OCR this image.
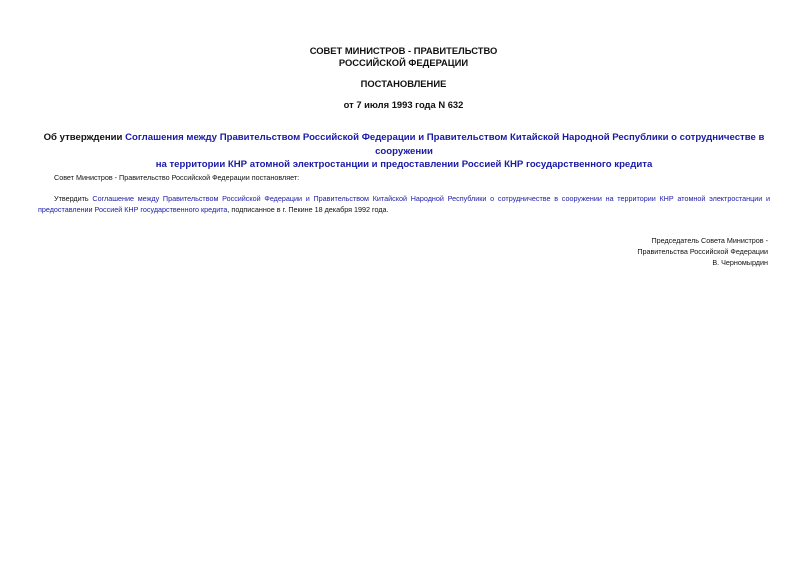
СОВЕТ МИНИСТРОВ - ПРАВИТЕЛЬСТВО
РОССИЙСКОЙ ФЕДЕРАЦИИ
ПОСТАНОВЛЕНИЕ
от 7 июля 1993 года N 632
Об утверждении Соглашения между Правительством Российской Федерации и Правительством Китайской Народной Республики о сотрудничестве в сооружении
на территории КНР атомной электростанции и предоставлении Россией КНР государственного кредита
Совет Министров - Правительство Российской Федерации постановляет:
Утвердить Соглашение между Правительством Российской Федерации и Правительством Китайской Народной Республики о сотрудничестве в сооружении на территории КНР атомной электростанции и предоставлении Россией КНР государственного кредита, подписанное в г. Пекине 18 декабря 1992 года.
Председатель Совета Министров -
Правительства Российской Федерации
В. Черномырдин
